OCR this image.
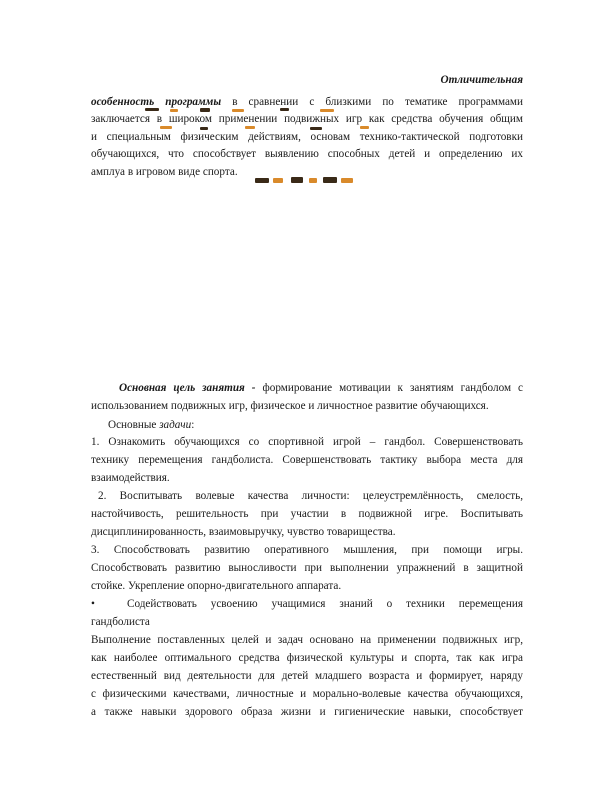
Отличительная
особенность программы в сравнении с близкими по тематике программами
заключается в широком применении подвижных игр как средства обучения общим
и специальным физическим действиям, основам технико-тактической подготовки
обучающихся, что способствует выявлению способных детей и определению их
амплуа в игровом виде спорта.
Основная цель занятия - формирование мотивации к занятиям гандболом с
использованием подвижных игр, физическое и личностное развитие обучающихся.
Основные задачи:
1. Ознакомить обучающихся со спортивной игрой – гандбол. Совершенствовать
технику перемещения гандболиста. Совершенствовать тактику выбора места для
взаимодействия.
2. Воспитывать волевые качества личности: целеустремлённость, смелость,
настойчивость, решительность при участии в подвижной игре. Воспитывать
дисциплинированность, взаимовыручку, чувство товарищества.
3. Способствовать развитию оперативного мышления, при помощи игры.
Способствовать развитию выносливости при выполнении упражнений в защитной
стойке. Укрепление опорно-двигательного аппарата.
•	Содействовать усвоению учащимися знаний о техники перемещения
гандболиста
Выполнение поставленных целей и задач основано на применении подвижных игр,
как наиболее оптимального средства физической культуры и спорта, так как игра
естественный вид деятельности для детей младшего возраста и формирует, наряду
с физическими качествами, личностные и морально-волевые качества обучающихся,
а также навыки здорового образа жизни и гигиенические навыки, способствует
